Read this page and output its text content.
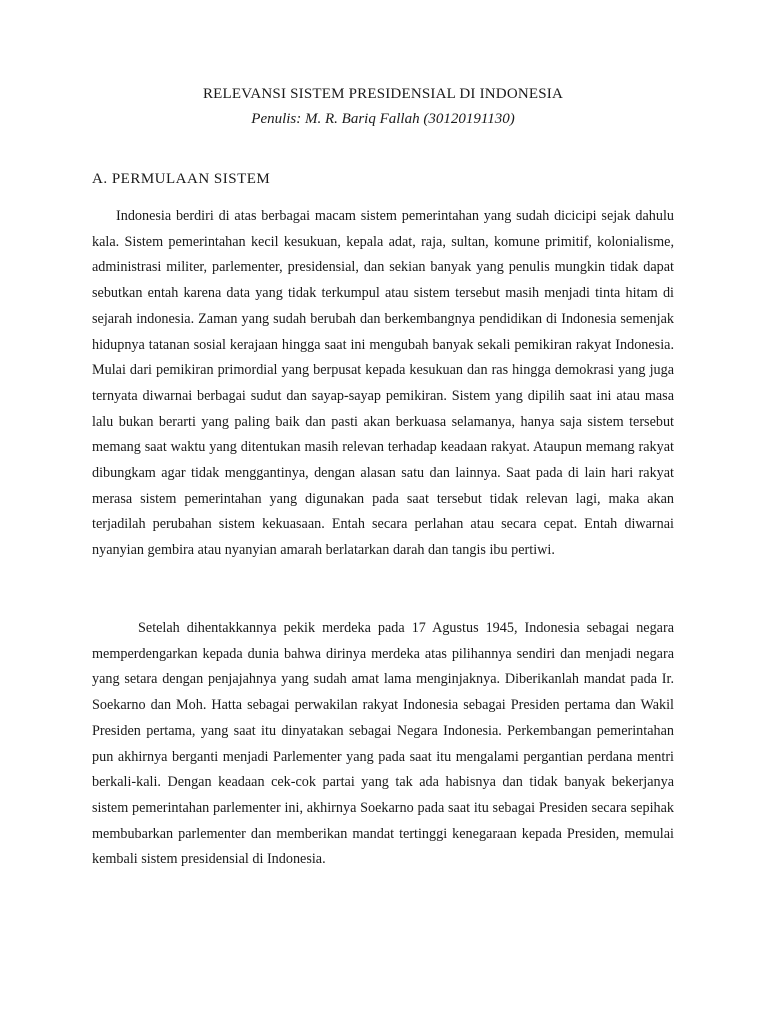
RELEVANSI SISTEM PRESIDENSIAL DI INDONESIA

Penulis: M. R. Bariq Fallah (30120191130)

A. PERMULAAN SISTEM

Indonesia berdiri di atas berbagai macam sistem pemerintahan yang sudah dicicipi sejak dahulu kala. Sistem pemerintahan kecil kesukuan, kepala adat, raja, sultan, komune primitif, kolonialisme, administrasi militer, parlementer, presidensial, dan sekian banyak yang penulis mungkin tidak dapat sebutkan entah karena data yang tidak terkumpul atau sistem tersebut masih menjadi tinta hitam di sejarah indonesia. Zaman yang sudah berubah dan berkembangnya pendidikan di Indonesia semenjak hidupnya tatanan sosial kerajaan hingga saat ini mengubah banyak sekali pemikiran rakyat Indonesia. Mulai dari pemikiran primordial yang berpusat kepada kesukuan dan ras hingga demokrasi yang juga ternyata diwarnai berbagai sudut dan sayap-sayap pemikiran. Sistem yang dipilih saat ini atau masa lalu bukan berarti yang paling baik dan pasti akan berkuasa selamanya, hanya saja sistem tersebut memang saat waktu yang ditentukan masih relevan terhadap keadaan rakyat. Ataupun memang rakyat dibungkam agar tidak menggantinya, dengan alasan satu dan lainnya. Saat pada di lain hari rakyat merasa sistem pemerintahan yang digunakan pada saat tersebut tidak relevan lagi, maka akan terjadilah perubahan sistem kekuasaan. Entah secara perlahan atau secara cepat. Entah diwarnai nyanyian gembira atau nyanyian amarah berlatarkan darah dan tangis ibu pertiwi.

Setelah dihentakkannya pekik merdeka pada 17 Agustus 1945, Indonesia sebagai negara memperdengarkan kepada dunia bahwa dirinya merdeka atas pilihannya sendiri dan menjadi negara yang setara dengan penjajahnya yang sudah amat lama menginjaknya. Diberikanlah mandat pada Ir. Soekarno dan Moh. Hatta sebagai perwakilan rakyat Indonesia sebagai Presiden pertama dan Wakil Presiden pertama, yang saat itu dinyatakan sebagai Negara Indonesia. Perkembangan pemerintahan pun akhirnya berganti menjadi Parlementer yang pada saat itu mengalami pergantian perdana mentri berkali-kali. Dengan keadaan cek-cok partai yang tak ada habisnya dan tidak banyak bekerjanya sistem pemerintahan parlementer ini, akhirnya Soekarno pada saat itu sebagai Presiden secara sepihak membubarkan parlementer dan memberikan mandat tertinggi kenegaraan kepada Presiden, memulai kembali sistem presidensial di Indonesia.
